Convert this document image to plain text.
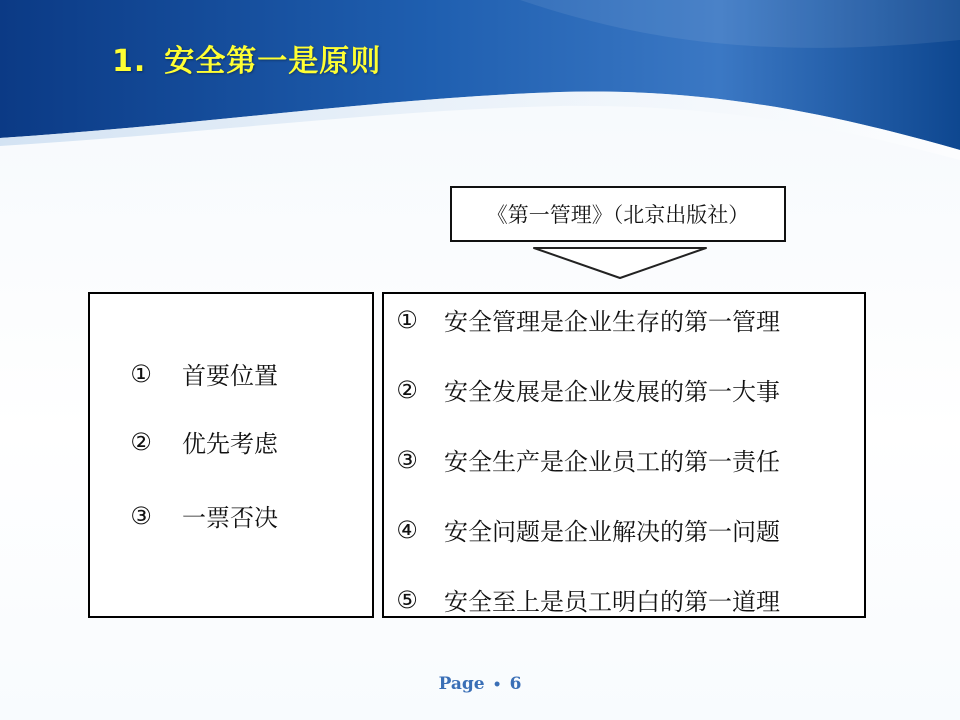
1. 安全第一是原则
《第一管理》（北京出版社）
① 首要位置
② 优先考虑
③ 一票否决
① 安全管理是企业生存的第一管理
② 安全发展是企业发展的第一大事
③ 安全生产是企业员工的第一责任
④ 安全问题是企业解决的第一问题
⑤ 安全至上是员工明白的第一道理
Page • 6
